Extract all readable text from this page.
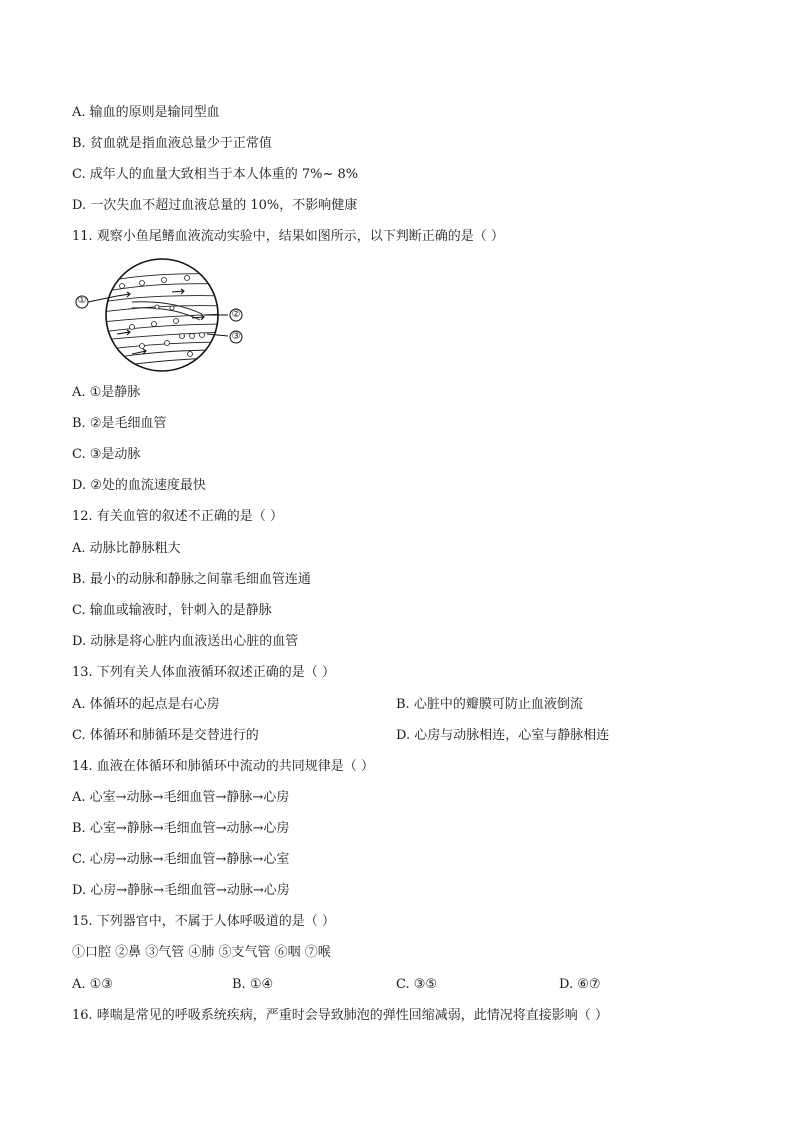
A. 输血的原则是输同型血
B. 贫血就是指血液总量少于正常值
C. 成年人的血量大致相当于本人体重的 7%~ 8%
D. 一次失血不超过血液总量的 10%，不影响健康
11. 观察小鱼尾鳍血液流动实验中，结果如图所示，以下判断正确的是（ ）
A. ①是静脉
B. ②是毛细血管
C. ③是动脉
D. ②处的血流速度最快
12. 有关血管的叙述不正确的是（ ）
A. 动脉比静脉粗大
B. 最小的动脉和静脉之间靠毛细血管连通
C. 输血或输液时，针刺入的是静脉
D. 动脉是将心脏内血液送出心脏的血管
13. 下列有关人体血液循环叙述正确的是（ ）
A. 体循环的起点是右心房	B. 心脏中的瓣膜可防止血液倒流
C. 体循环和肺循环是交替进行的	D. 心房与动脉相连，心室与静脉相连
14. 血液在体循环和肺循环中流动的共同规律是（ ）
A. 心室→动脉→毛细血管→静脉→心房
B. 心室→静脉→毛细血管→动脉→心房
C. 心房→动脉→毛细血管→静脉→心室
D. 心房→静脉→毛细血管→动脉→心房
15. 下列器官中，不属于人体呼吸道的是（ ）
①口腔 ②鼻 ③气管 ④肺 ⑤支气管 ⑥咽 ⑦喉
A. ①③	B. ①④	C. ③⑤	D. ⑥⑦
16. 哮喘是常见的呼吸系统疾病，严重时会导致肺泡的弹性回缩减弱，此情况将直接影响（ ）
①
②
③
